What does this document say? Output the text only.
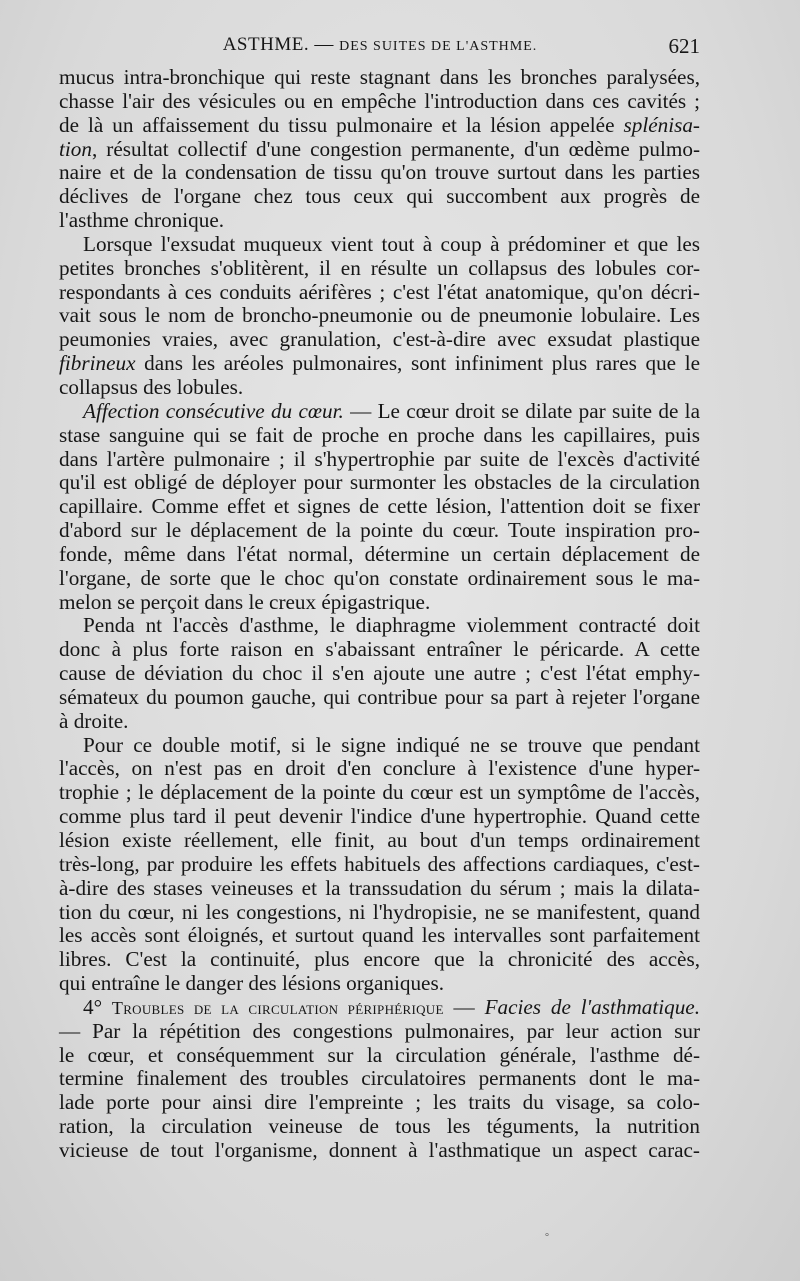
ASTHME. — DES SUITES DE L'ASTHME.	621
mucus intra-bronchique qui reste stagnant dans les bronches paralysées,
chasse l'air des vésicules ou en empêche l'introduction dans ces cavités ;
de là un affaissement du tissu pulmonaire et la lésion appelée splénisa-
tion, résultat collectif d'une congestion permanente, d'un œdème pulmo-
naire et de la condensation de tissu qu'on trouve surtout dans les parties
déclives de l'organe chez tous ceux qui succombent aux progrès de
l'asthme chronique.
Lorsque l'exsudat muqueux vient tout à coup à prédominer et que les
petites bronches s'oblitèrent, il en résulte un collapsus des lobules cor-
respondants à ces conduits aérifères ; c'est l'état anatomique, qu'on décri-
vait sous le nom de broncho-pneumonie ou de pneumonie lobulaire. Les
peumonies vraies, avec granulation, c'est-à-dire avec exsudat plastique
fibrineux dans les aréoles pulmonaires, sont infiniment plus rares que le
collapsus des lobules.
Affection consécutive du cœur. — Le cœur droit se dilate par suite de la
stase sanguine qui se fait de proche en proche dans les capillaires, puis
dans l'artère pulmonaire ; il s'hypertrophie par suite de l'excès d'activité
qu'il est obligé de déployer pour surmonter les obstacles de la circulation
capillaire. Comme effet et signes de cette lésion, l'attention doit se fixer
d'abord sur le déplacement de la pointe du cœur. Toute inspiration pro-
fonde, même dans l'état normal, détermine un certain déplacement de
l'organe, de sorte que le choc qu'on constate ordinairement sous le ma-
melon se perçoit dans le creux épigastrique.
Penda nt l'accès d'asthme, le diaphragme violemment contracté doit
donc à plus forte raison en s'abaissant entraîner le péricarde. A cette
cause de déviation du choc il s'en ajoute une autre ; c'est l'état emphy-
sémateux du poumon gauche, qui contribue pour sa part à rejeter l'organe
à droite.
Pour ce double motif, si le signe indiqué ne se trouve que pendant
l'accès, on n'est pas en droit d'en conclure à l'existence d'une hyper-
trophie ; le déplacement de la pointe du cœur est un symptôme de l'accès,
comme plus tard il peut devenir l'indice d'une hypertrophie. Quand cette
lésion existe réellement, elle finit, au bout d'un temps ordinairement
très-long, par produire les effets habituels des affections cardiaques, c'est-
à-dire des stases veineuses et la transsudation du sérum ; mais la dilata-
tion du cœur, ni les congestions, ni l'hydropisie, ne se manifestent, quand
les accès sont éloignés, et surtout quand les intervalles sont parfaitement
libres. C'est la continuité, plus encore que la chronicité des accès,
qui entraîne le danger des lésions organiques.
4° Troubles de la circulation périphérique — Facies de l'asthmatique.
— Par la répétition des congestions pulmonaires, par leur action sur
le cœur, et conséquemment sur la circulation générale, l'asthme dé-
termine finalement des troubles circulatoires permanents dont le ma-
lade porte pour ainsi dire l'empreinte ; les traits du visage, sa colo-
ration, la circulation veineuse de tous les téguments, la nutrition
vicieuse de tout l'organisme, donnent à l'asthmatique un aspect carac-
°
